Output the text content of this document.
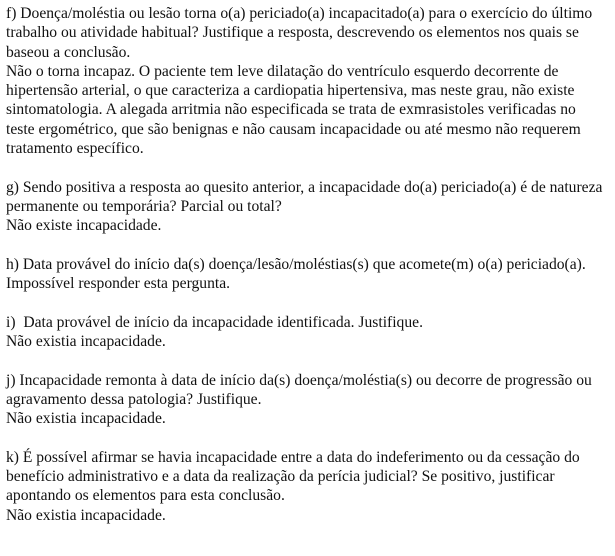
f) Doença/moléstia ou lesão torna o(a) periciado(a) incapacitado(a) para o exercício do último trabalho ou atividade habitual? Justifique a resposta, descrevendo os elementos nos quais se baseou a conclusão.

Não o torna incapaz. O paciente tem leve dilatação do ventrículo esquerdo decorrente de hipertensão arterial, o que caracteriza a cardiopatia hipertensiva, mas neste grau, não existe sintomatologia. A alegada arritmia não especificada se trata de exmrasistoles verificadas no teste ergométrico, que são benignas e não causam incapacidade ou até mesmo não requerem tratamento específico.

g) Sendo positiva a resposta ao quesito anterior, a incapacidade do(a) periciado(a) é de natureza permanente ou temporária? Parcial ou total?

Não existe incapacidade.

h) Data provável do início da(s) doença/lesão/moléstias(s) que acomete(m) o(a) periciado(a).

Impossível responder esta pergunta.

i)  Data provável de início da incapacidade identificada. Justifique.

Não existia incapacidade.

j) Incapacidade remonta à data de início da(s) doença/moléstia(s) ou decorre de progressão ou agravamento dessa patologia? Justifique.

Não existia incapacidade.

k) É possível afirmar se havia incapacidade entre a data do indeferimento ou da cessação do benefício administrativo e a data da realização da perícia judicial? Se positivo, justificar apontando os elementos para esta conclusão.

Não existia incapacidade.
